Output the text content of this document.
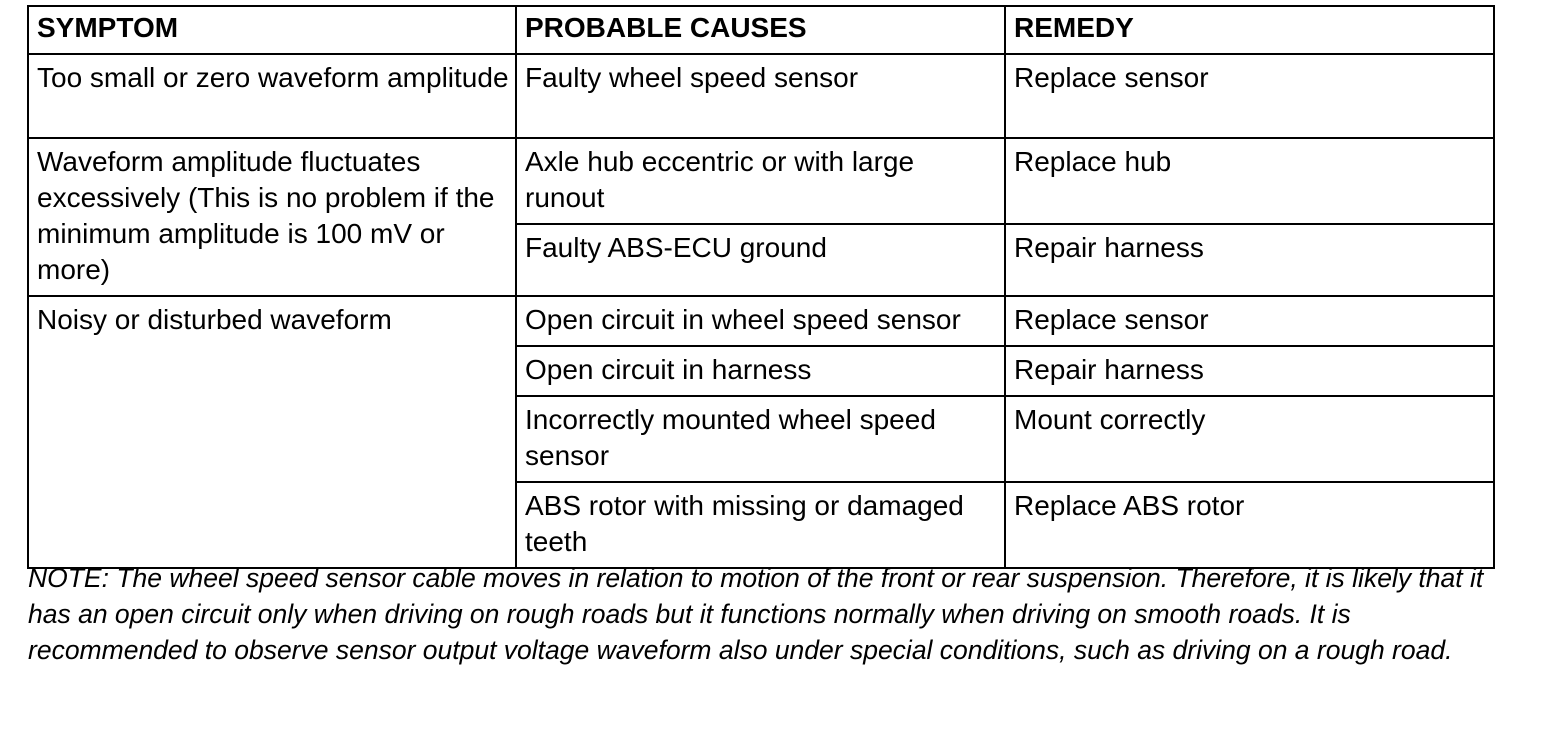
SYMPTOM	PROBABLE CAUSES	REMEDY
Too small or zero waveform amplitude	Faulty wheel speed sensor	Replace sensor
Waveform amplitude fluctuates excessively (This is no problem if the minimum amplitude is 100 mV or more)	Axle hub eccentric or with large runout	Replace hub
	Faulty ABS-ECU ground	Repair harness
Noisy or disturbed waveform	Open circuit in wheel speed sensor	Replace sensor
	Open circuit in harness	Repair harness
	Incorrectly mounted wheel speed sensor	Mount correctly
	ABS rotor with missing or damaged teeth	Replace ABS rotor

NOTE: The wheel speed sensor cable moves in relation to motion of the front or rear suspension. Therefore, it is likely that it has an open circuit only when driving on rough roads but it functions normally when driving on smooth roads. It is recommended to observe sensor output voltage waveform also under special conditions, such as driving on a rough road.
